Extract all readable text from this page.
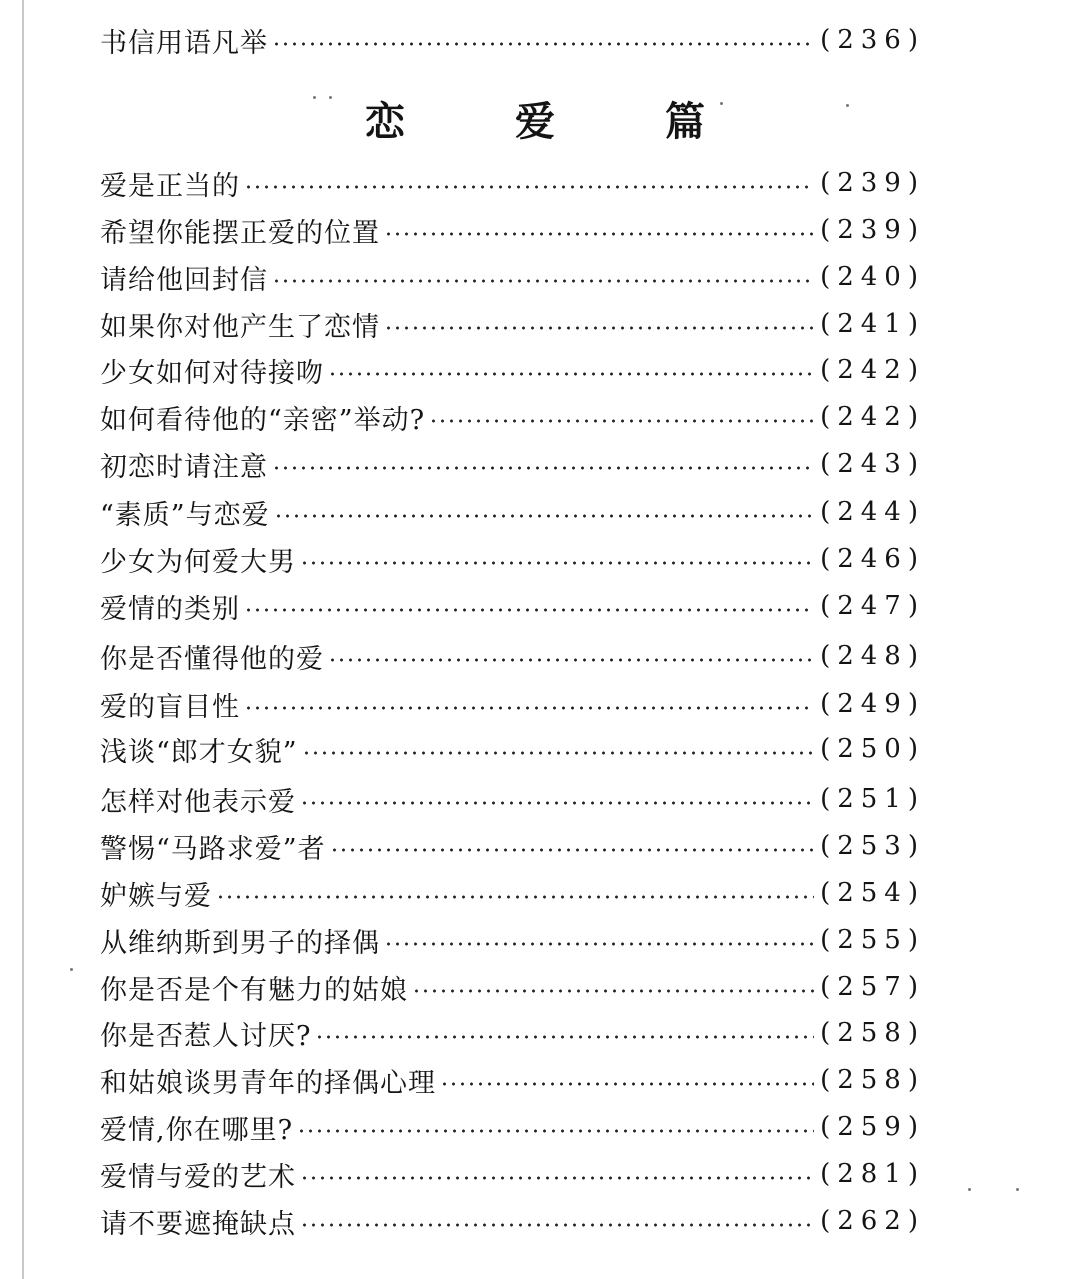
书信用语凡举	(236)
恋	爱	篇
爱是正当的	(239)
希望你能摆正爱的位置	(239)
请给他回封信	(240)
如果你对他产生了恋情	(241)
少女如何对待接吻	(242)
如何看待他的“亲密”举动?	(242)
初恋时请注意	(243)
“素质”与恋爱	(244)
少女为何爱大男	(246)
爱情的类别	(247)
你是否懂得他的爱	(248)
爱的盲目性	(249)
浅谈“郎才女貌”	(250)
怎样对他表示爱	(251)
警惕“马路求爱”者	(253)
妒嫉与爱	(254)
从维纳斯到男子的择偶	(255)
你是否是个有魅力的姑娘	(257)
你是否惹人讨厌?	(258)
和姑娘谈男青年的择偶心理	(258)
爱情,你在哪里?	(259)
爱情与爱的艺术	(281)
请不要遮掩缺点	(262)
